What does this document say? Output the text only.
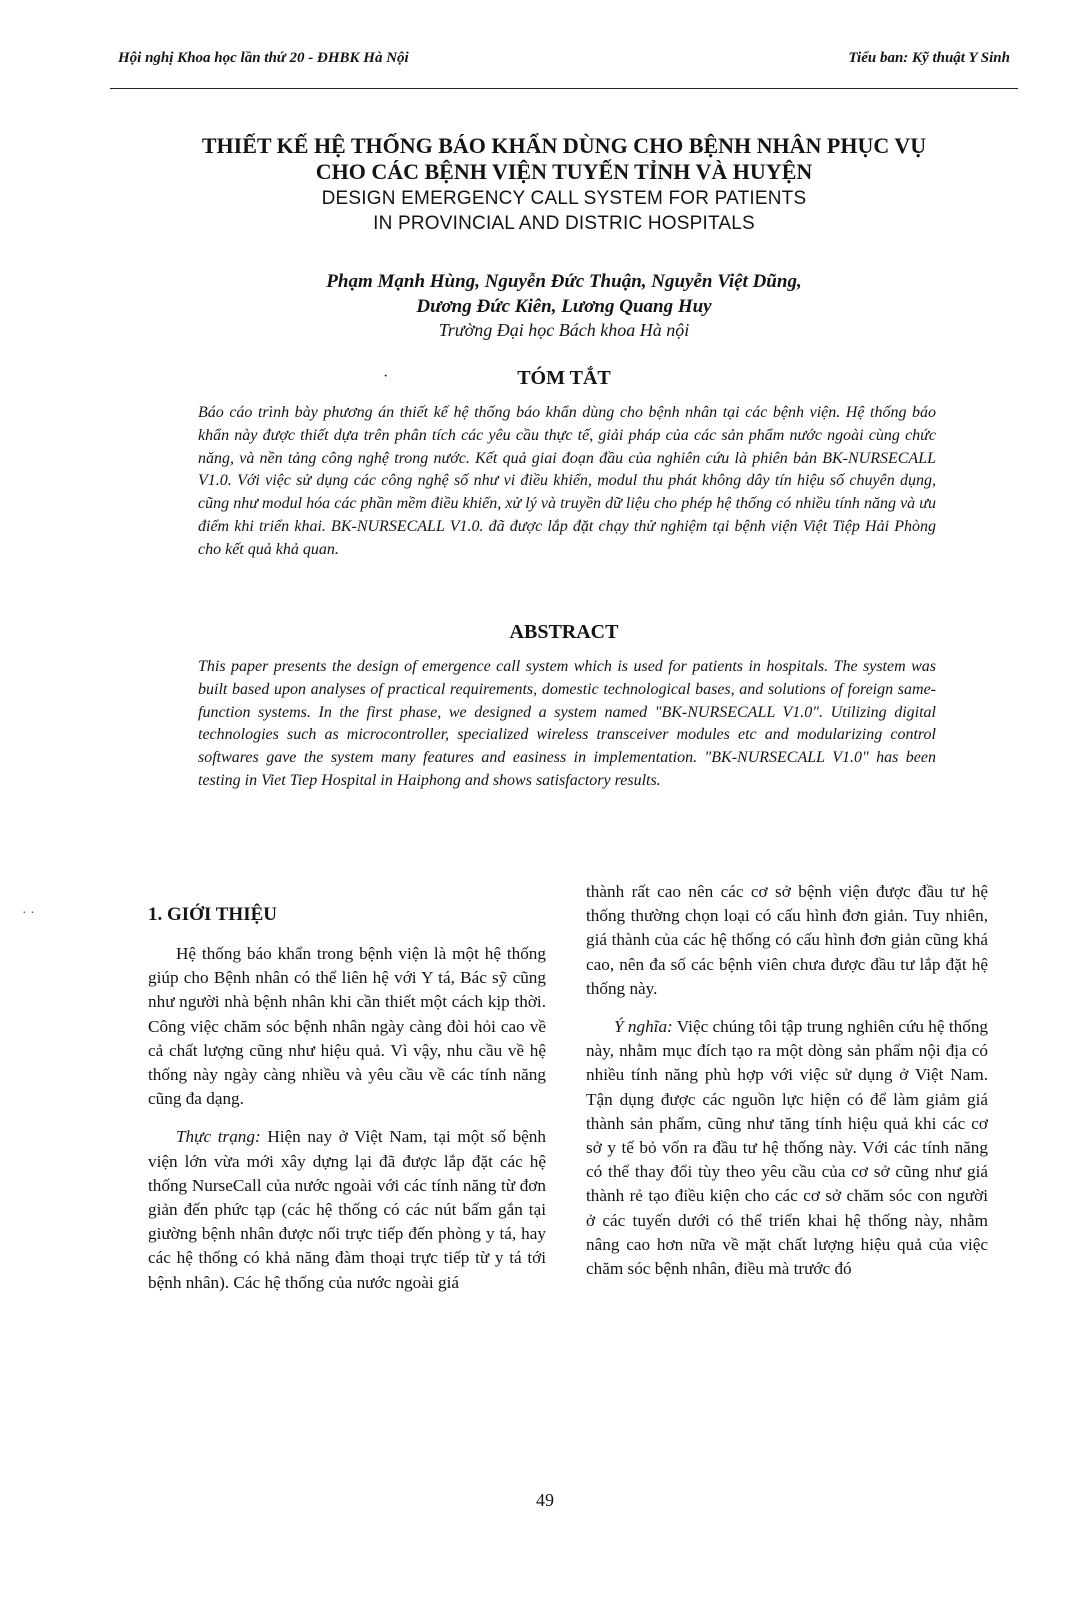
Hội nghị Khoa học lần thứ 20 - ĐHBK Hà Nội	Tiểu ban: Kỹ thuật Y Sinh
THIẾT KẾ HỆ THỐNG BÁO KHẨN DÙNG CHO BỆNH NHÂN PHỤC VỤ
CHO CÁC BỆNH VIỆN TUYẾN TỈNH VÀ HUYỆN
DESIGN EMERGENCY CALL SYSTEM FOR PATIENTS
IN PROVINCIAL AND DISTRIC HOSPITALS
Phạm Mạnh Hùng, Nguyễn Đức Thuận, Nguyễn Việt Dũng,
Dương Đức Kiên, Lương Quang Huy
Trường Đại học Bách khoa Hà nội
·	TÓM TẮT

Báo cáo trình bày phương án thiết kế hệ thống báo khẩn dùng cho bệnh nhân tại các bệnh viện. Hệ thống báo khẩn này được thiết dựa trên phân tích các yêu cầu thực tế, giải pháp của các sản phẩm nước ngoài cùng chức năng, và nền tảng công nghệ trong nước. Kết quả giai đoạn đầu của nghiên cứu là phiên bản BK-NURSECALL V1.0. Với việc sử dụng các công nghệ số như vi điều khiển, modul thu phát không dây tín hiệu số chuyên dụng, cũng như modul hóa các phần mềm điều khiển, xử lý và truyền dữ liệu cho phép hệ thống có nhiều tính năng và ưu điểm khi triển khai. BK-NURSECALL V1.0. đã được lắp đặt chạy thử nghiệm tại bệnh viện Việt Tiệp Hải Phòng cho kết quả khả quan.

ABSTRACT

This paper presents the design of emergence call system which is used for patients in hospitals. The system was built based upon analyses of practical requirements, domestic technological bases, and solutions of foreign same-function systems. In the first phase, we designed a system named "BK-NURSECALL V1.0". Utilizing digital technologies such as microcontroller, specialized wireless transceiver modules etc and modularizing control softwares gave the system many features and easiness in implementation. "BK-NURSECALL V1.0" has been testing in Viet Tiep Hospital in Haiphong and shows satisfactory results.

· ·	1. GIỚI THIỆU

Hệ thống báo khẩn trong bệnh viện là một hệ thống giúp cho Bệnh nhân có thể liên hệ với Y tá, Bác sỹ cũng như người nhà bệnh nhân khi cần thiết một cách kịp thời. Công việc chăm sóc bệnh nhân ngày càng đòi hỏi cao về cả chất lượng cũng như hiệu quả. Vì vậy, nhu cầu về hệ thống này ngày càng nhiều và yêu cầu về các tính năng cũng đa dạng.

Thực trạng: Hiện nay ở Việt Nam, tại một số bệnh viện lớn vừa mới xây dựng lại đã được lắp đặt các hệ thống NurseCall của nước ngoài với các tính năng từ đơn giản đến phức tạp (các hệ thống có các nút bấm gắn tại giường bệnh nhân được nối trực tiếp đến phòng y tá, hay các hệ thống có khả năng đàm thoại trực tiếp từ y tá tới bệnh nhân). Các hệ thống của nước ngoài giá

thành rất cao nên các cơ sở bệnh viện được đầu tư hệ thống thường chọn loại có cấu hình đơn giản. Tuy nhiên, giá thành của các hệ thống có cấu hình đơn giản cũng khá cao, nên đa số các bệnh viên chưa được đầu tư lắp đặt hệ thống này.

Ý nghĩa: Việc chúng tôi tập trung nghiên cứu hệ thống này, nhằm mục đích tạo ra một dòng sản phẩm nội địa có nhiều tính năng phù hợp với việc sử dụng ở Việt Nam. Tận dụng được các nguồn lực hiện có để làm giảm giá thành sản phẩm, cũng như tăng tính hiệu quả khi các cơ sở y tế bỏ vốn ra đầu tư hệ thống này. Với các tính năng có thể thay đổi tùy theo yêu cầu của cơ sở cũng như giá thành rẻ tạo điều kiện cho các cơ sở chăm sóc con người ở các tuyến dưới có thể triển khai hệ thống này, nhằm nâng cao hơn nữa về mặt chất lượng hiệu quả của việc chăm sóc bệnh nhân, điều mà trước đó

49
